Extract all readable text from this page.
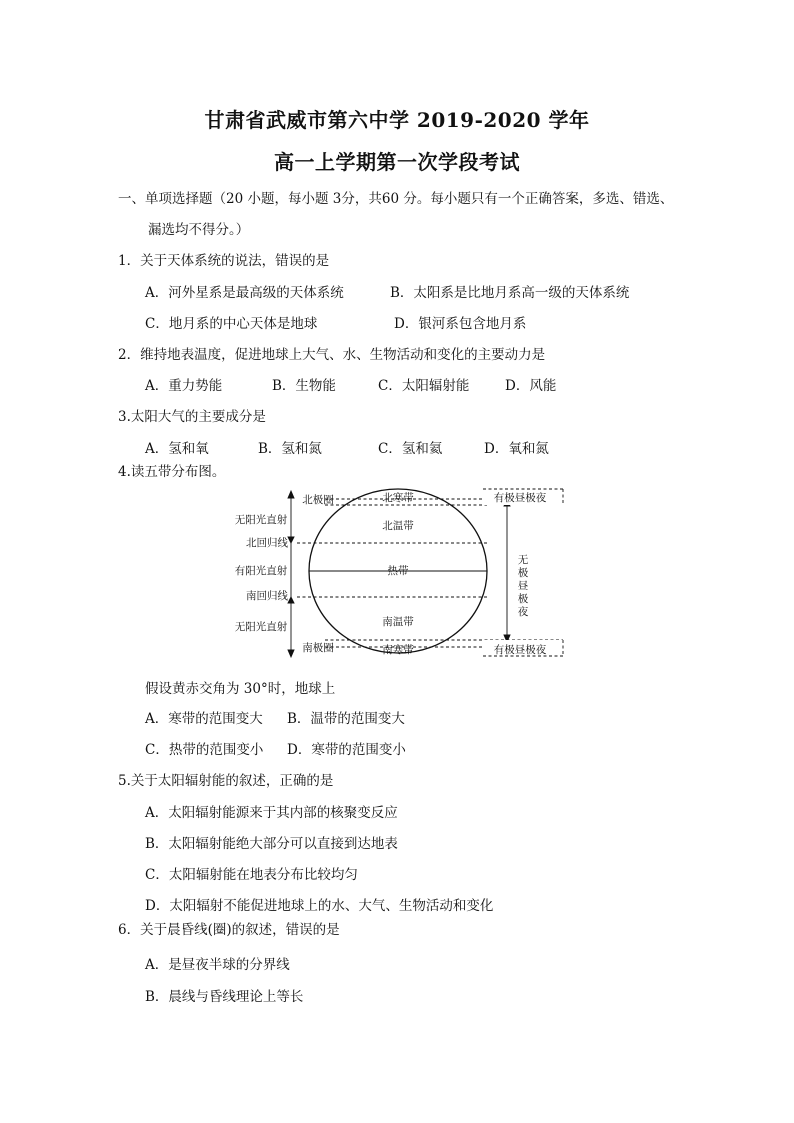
甘肃省武威市第六中学 2019-2020 学年
高一上学期第一次学段考试
一、单项选择题（20 小题，每小题 3分，共60 分。每小题只有一个正确答案，多选、错选、
漏选均不得分。）
1．关于天体系统的说法，错误的是
A．河外星系是最高级的天体系统	B．太阳系是比地月系高一级的天体系统
C．地月系的中心天体是地球	D．银河系包含地月系
2．维持地表温度，促进地球上大气、水、生物活动和变化的主要动力是
A．重力势能	B．生物能	C．太阳辐射能	D．风能
3.太阳大气的主要成分是
A．氢和氧	B．氢和氮	C．氢和氦	D．氧和氮
4.读五带分布图。
北极圈
无阳光直射
北回归线
有阳光直射
南回归线
无阳光直射
南极圈
北寒带
北温带
热带
南温带
南寒带
有极昼极夜
无
极
昼
极
夜
有极昼极夜
假设黄赤交角为 30°时，地球上
A．寒带的范围变大 B．温带的范围变大
C．热带的范围变小 D．寒带的范围变小
5.关于太阳辐射能的叙述，正确的是
A．太阳辐射能源来于其内部的核聚变反应
B．太阳辐射能绝大部分可以直接到达地表
C．太阳辐射能在地表分布比较均匀
D．太阳辐射不能促进地球上的水、大气、生物活动和变化
6．关于晨昏线(圈)的叙述，错误的是
A．是昼夜半球的分界线
B．晨线与昏线理论上等长
